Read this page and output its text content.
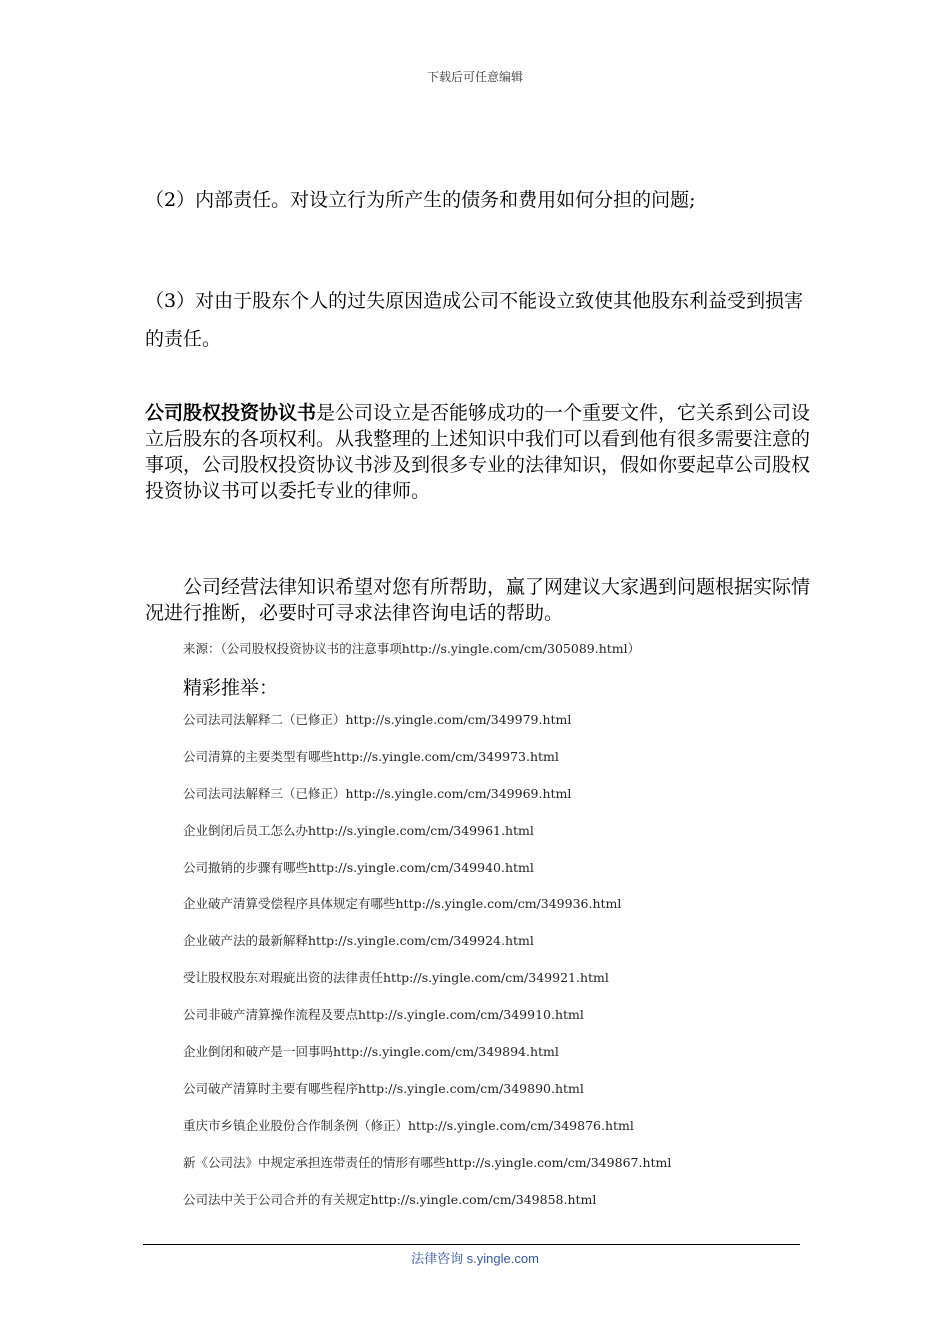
下载后可任意编辑
（2）内部责任。对设立行为所产生的债务和费用如何分担的问题;
（3）对由于股东个人的过失原因造成公司不能设立致使其他股东利益受到损害的责任。
公司股权投资协议书是公司设立是否能够成功的一个重要文件，它关系到公司设立后股东的各项权利。从我整理的上述知识中我们可以看到他有很多需要注意的事项，公司股权投资协议书涉及到很多专业的法律知识，假如你要起草公司股权投资协议书可以委托专业的律师。
公司经营法律知识希望对您有所帮助，赢了网建议大家遇到问题根据实际情况进行推断，必要时可寻求法律咨询电话的帮助。
来源：（公司股权投资协议书的注意事项http://s.yingle.com/cm/305089.html）
精彩推举：
公司法司法解释二（已修正）http://s.yingle.com/cm/349979.html
公司清算的主要类型有哪些http://s.yingle.com/cm/349973.html
公司法司法解释三（已修正）http://s.yingle.com/cm/349969.html
企业倒闭后员工怎么办http://s.yingle.com/cm/349961.html
公司撤销的步骤有哪些http://s.yingle.com/cm/349940.html
企业破产清算受偿程序具体规定有哪些http://s.yingle.com/cm/349936.html
企业破产法的最新解释http://s.yingle.com/cm/349924.html
受让股权股东对瑕疵出资的法律责任http://s.yingle.com/cm/349921.html
公司非破产清算操作流程及要点http://s.yingle.com/cm/349910.html
企业倒闭和破产是一回事吗http://s.yingle.com/cm/349894.html
公司破产清算时主要有哪些程序http://s.yingle.com/cm/349890.html
重庆市乡镇企业股份合作制条例（修正）http://s.yingle.com/cm/349876.html
新《公司法》中规定承担连带责任的情形有哪些http://s.yingle.com/cm/349867.html
公司法中关于公司合并的有关规定http://s.yingle.com/cm/349858.html
法律咨询 s.yingle.com
